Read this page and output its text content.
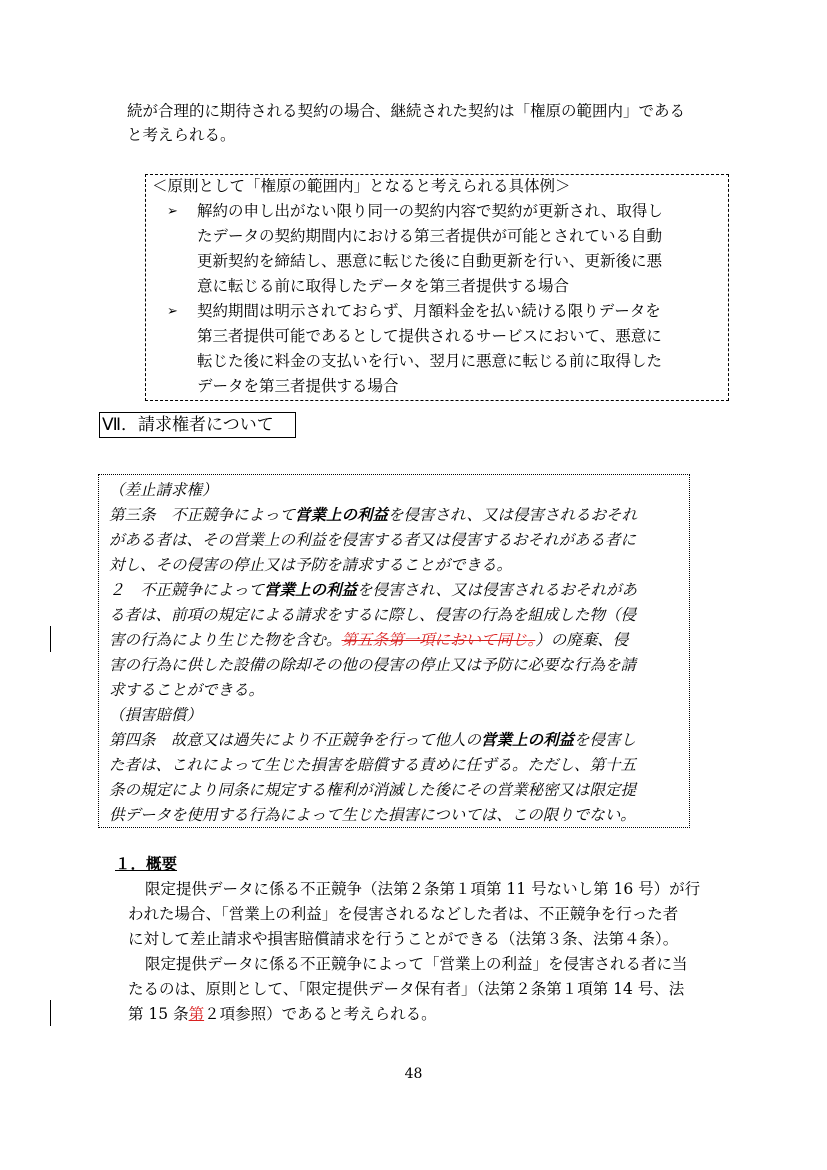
続が合理的に期待される契約の場合、継続された契約は「権原の範囲内」である
と考えられる。
＜原則として「権原の範囲内」となると考えられる具体例＞
➢ 解約の申し出がない限り同一の契約内容で契約が更新され、取得し
たデータの契約期間内における第三者提供が可能とされている自動
更新契約を締結し、悪意に転じた後に自動更新を行い、更新後に悪
意に転じる前に取得したデータを第三者提供する場合
➢ 契約期間は明示されておらず、月額料金を払い続ける限りデータを
第三者提供可能であるとして提供されるサービスにおいて、悪意に
転じた後に料金の支払いを行い、翌月に悪意に転じる前に取得した
データを第三者提供する場合
Ⅶ．請求権者について
（差止請求権）
第三条　不正競争によって営業上の利益を侵害され、又は侵害されるおそれ
がある者は、その営業上の利益を侵害する者又は侵害するおそれがある者に
対し、その侵害の停止又は予防を請求することができる。
２　不正競争によって営業上の利益を侵害され、又は侵害されるおそれがあ
る者は、前項の規定による請求をするに際し、侵害の行為を組成した物（侵
害の行為により生じた物を含む。第五条第一項において同じ。）の廃棄、侵
害の行為に供した設備の除却その他の侵害の停止又は予防に必要な行為を請
求することができる。
（損害賠償）
第四条　故意又は過失により不正競争を行って他人の営業上の利益を侵害し
た者は、これによって生じた損害を賠償する責めに任ずる。ただし、第十五
条の規定により同条に規定する権利が消滅した後にその営業秘密又は限定提
供データを使用する行為によって生じた損害については、この限りでない。
１．概要
限定提供データに係る不正競争（法第２条第１項第 11 号ないし第 16 号）が行
われた場合、「営業上の利益」を侵害されるなどした者は、不正競争を行った者
に対して差止請求や損害賠償請求を行うことができる（法第３条、法第４条）。
限定提供データに係る不正競争によって「営業上の利益」を侵害される者に当
たるのは、原則として、「限定提供データ保有者」（法第２条第１項第 14 号、法
第 15 条第２項参照）であると考えられる。
48
